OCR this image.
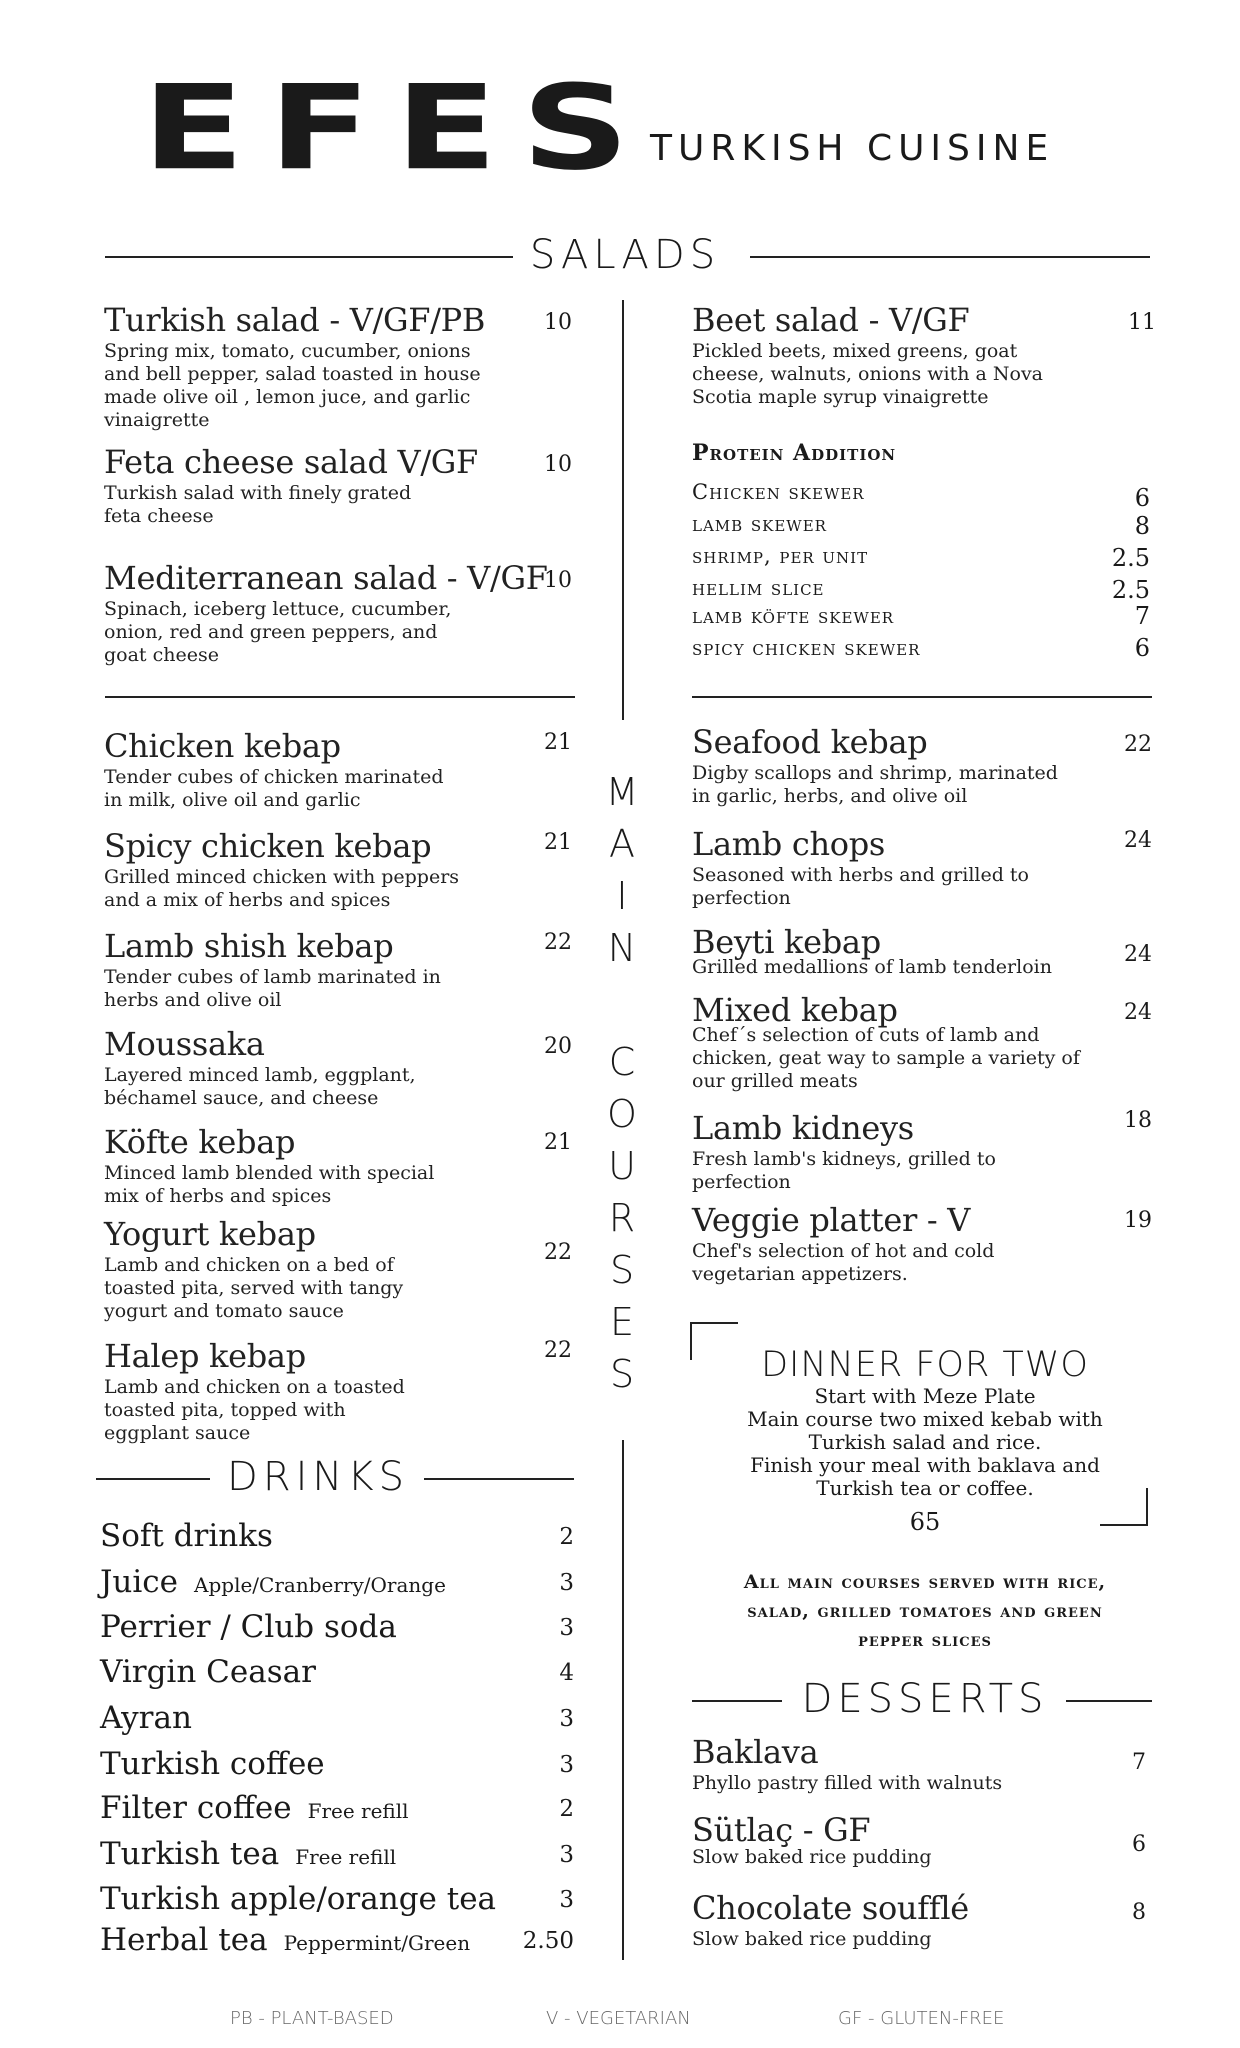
EFES
TURKISH CUISINE
SALADS
Turkish salad - V/GF/PB
Spring mix, tomato, cucumber, onions and bell pepper, salad toasted in house made olive oil , lemon juce, and garlic vinaigrette
10
Feta cheese salad V/GF
Turkish salad with finely grated feta cheese
10
Mediterranean salad - V/GF
Spinach, iceberg lettuce, cucumber, onion, red and green peppers, and goat cheese
10
Beet salad - V/GF
Pickled beets, mixed greens, goat cheese, walnuts, onions with a Nova Scotia maple syrup vinaigrette
11
Protein Addition
Chicken skewer	6
lamb skewer	8
shrimp, per unit	2.5
hellim slice	2.5
lamb köfte skewer	7
spicy chicken skewer	6
M
A
I
N
C
O
U
R
S
E
S
Chicken kebap
Tender cubes of chicken marinated in milk, olive oil and garlic
21
Spicy chicken kebap
Grilled minced chicken with peppers and a mix of herbs and spices
21
Lamb shish kebap
Tender cubes of lamb marinated in herbs and olive oil
22
Moussaka
Layered minced lamb, eggplant, béchamel sauce, and cheese
20
Köfte kebap
Minced lamb blended with special mix of herbs and spices
21
Yogurt kebap
Lamb and chicken on a bed of toasted pita, served with tangy yogurt and tomato sauce
22
Halep kebap
Lamb and chicken on a toasted toasted pita, topped with eggplant sauce
22
Seafood kebap
Digby scallops and shrimp, marinated in garlic, herbs, and olive oil
22
Lamb chops
Seasoned with herbs and grilled to perfection
24
Beyti kebap
Grilled medallions of lamb tenderloin	24
Mixed kebap
Chef´s selection of cuts of lamb and chicken, geat way to sample a variety of our grilled meats
24
Lamb kidneys
Fresh lamb's kidneys, grilled to perfection
18
Veggie platter - V
Chef's selection of hot and cold vegetarian appetizers.
19
DINNER FOR TWO
Start with Meze Plate
Main course two mixed kebab with
Turkish salad and rice.
Finish your meal with baklava and
Turkish tea or coffee.
65
All main courses served with rice,
salad, grilled tomatoes and green
pepper slices
DRINKS
Soft drinks	2
Juice Apple/Cranberry/Orange	3
Perrier / Club soda	3
Virgin Ceasar	4
Ayran	3
Turkish coffee	3
Filter coffee Free refill	2
Turkish tea Free refill	3
Turkish apple/orange tea	3
Herbal tea Peppermint/Green 2.50
DESSERTS
Baklava
Phyllo pastry filled with walnuts
7
Sütlaç - GF
Slow baked rice pudding	6
Chocolate soufflé
Slow baked rice pudding
8
PB - PLANT-BASED	V - VEGETARIAN	GF - GLUTEN-FREE
